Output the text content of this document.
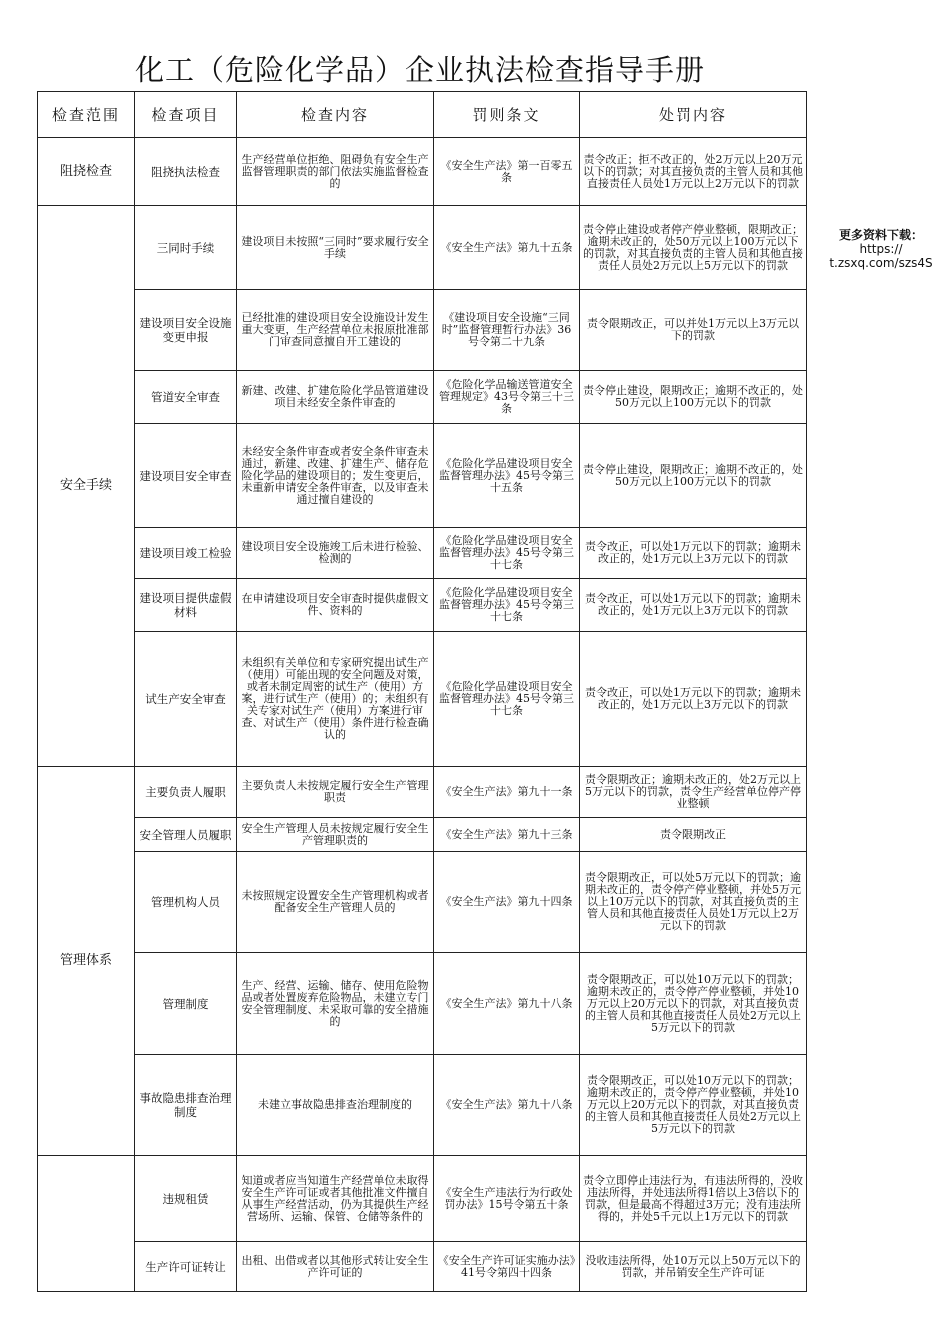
化工（危险化学品）企业执法检查指导手册
更多资料下载：
https://
t.zsxq.com/szs4S
检查范围	检查项目	检查内容	罚则条文	处罚内容
阻挠检查	阻挠执法检查	生产经营单位拒绝、阻碍负有安全生产监督管理职责的部门依法实施监督检查的	《安全生产法》第一百零五条	责令改正；拒不改正的，处2万元以上20万元以下的罚款；对其直接负责的主管人员和其他直接责任人员处1万元以上2万元以下的罚款
安全手续	三同时手续	建设项目未按照“三同时”要求履行安全手续	《安全生产法》第九十五条	责令停止建设或者停产停业整顿，限期改正；逾期未改正的，处50万元以上100万元以下的罚款，对其直接负责的主管人员和其他直接责任人员处2万元以上5万元以下的罚款
	建设项目安全设施变更申报	已经批准的建设项目安全设施设计发生重大变更，生产经营单位未报原批准部门审查同意擅自开工建设的	《建设项目安全设施“三同时”监督管理暂行办法》36号令第二十九条	责令限期改正，可以并处1万元以上3万元以下的罚款
	管道安全审查	新建、改建、扩建危险化学品管道建设项目未经安全条件审查的	《危险化学品输送管道安全管理规定》43号令第三十三条	责令停止建设，限期改正；逾期不改正的，处50万元以上100万元以下的罚款
	建设项目安全审查	未经安全条件审查或者安全条件审查未通过，新建、改建、扩建生产、储存危险化学品的建设项目的；发生变更后，未重新申请安全条件审查，以及审查未通过擅自建设的	《危险化学品建设项目安全监督管理办法》45号令第三十五条	责令停止建设，限期改正；逾期不改正的，处50万元以上100万元以下的罚款
	建设项目竣工检验	建设项目安全设施竣工后未进行检验、检测的	《危险化学品建设项目安全监督管理办法》45号令第三十七条	责令改正，可以处1万元以下的罚款；逾期未改正的，处1万元以上3万元以下的罚款
	建设项目提供虚假材料	在申请建设项目安全审查时提供虚假文件、资料的	《危险化学品建设项目安全监督管理办法》45号令第三十七条	责令改正，可以处1万元以下的罚款；逾期未改正的，处1万元以上3万元以下的罚款
	试生产安全审查	未组织有关单位和专家研究提出试生产（使用）可能出现的安全问题及对策，或者未制定周密的试生产（使用）方案，进行试生产（使用）的；未组织有关专家对试生产（使用）方案进行审查、对试生产（使用）条件进行检查确认的	《危险化学品建设项目安全监督管理办法》45号令第三十七条	责令改正，可以处1万元以下的罚款；逾期未改正的，处1万元以上3万元以下的罚款
管理体系	主要负责人履职	主要负责人未按规定履行安全生产管理职责	《安全生产法》第九十一条	责令限期改正；逾期未改正的，处2万元以上5万元以下的罚款，责令生产经营单位停产停业整顿
	安全管理人员履职	安全生产管理人员未按规定履行安全生产管理职责的	《安全生产法》第九十三条	责令限期改正
	管理机构人员	未按照规定设置安全生产管理机构或者配备安全生产管理人员的	《安全生产法》第九十四条	责令限期改正，可以处5万元以下的罚款；逾期未改正的，责令停产停业整顿，并处5万元以上10万元以下的罚款，对其直接负责的主管人员和其他直接责任人员处1万元以上2万元以下的罚款
	管理制度	生产、经营、运输、储存、使用危险物品或者处置废弃危险物品，未建立专门安全管理制度、未采取可靠的安全措施的	《安全生产法》第九十八条	责令限期改正，可以处10万元以下的罚款；逾期未改正的，责令停产停业整顿，并处10万元以上20万元以下的罚款，对其直接负责的主管人员和其他直接责任人员处2万元以上5万元以下的罚款
	事故隐患排查治理制度	未建立事故隐患排查治理制度的	《安全生产法》第九十八条	责令限期改正，可以处10万元以下的罚款；逾期未改正的，责令停产停业整顿，并处10万元以上20万元以下的罚款，对其直接负责的主管人员和其他直接责任人员处2万元以上5万元以下的罚款
	违规租赁	知道或者应当知道生产经营单位未取得安全生产许可证或者其他批准文件擅自从事生产经营活动，仍为其提供生产经营场所、运输、保管、仓储等条件的	《安全生产违法行为行政处罚办法》15号令第五十条	责令立即停止违法行为，有违法所得的，没收违法所得，并处违法所得1倍以上3倍以下的罚款，但是最高不得超过3万元；没有违法所得的，并处5千元以上1万元以下的罚款
	生产许可证转让	出租、出借或者以其他形式转让安全生产许可证的	《安全生产许可证实施办法》41号令第四十四条	没收违法所得，处10万元以上50万元以下的罚款，并吊销安全生产许可证
